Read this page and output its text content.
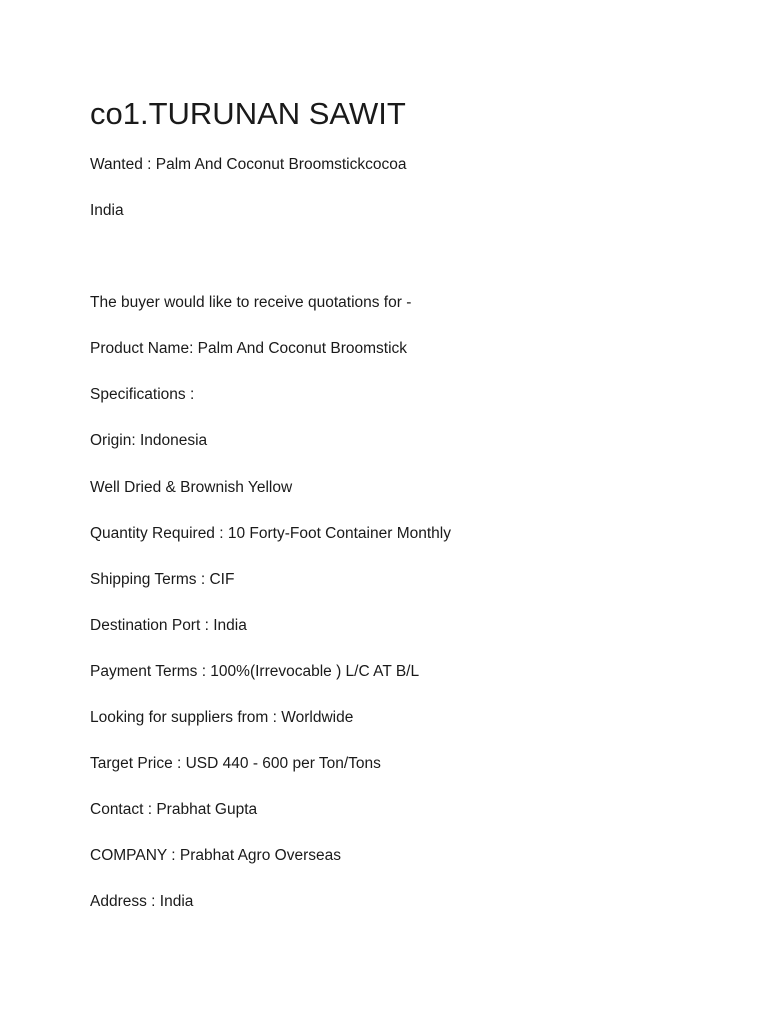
co1.TURUNAN SAWIT

Wanted : Palm And Coconut Broomstickcocoa

India

The buyer would like to receive quotations for -

Product Name: Palm And Coconut Broomstick

Specifications :

Origin: Indonesia

Well Dried & Brownish Yellow

Quantity Required : 10 Forty-Foot Container Monthly

Shipping Terms : CIF

Destination Port : India

Payment Terms : 100%(Irrevocable ) L/C AT B/L

Looking for suppliers from : Worldwide

Target Price : USD 440 - 600 per Ton/Tons

Contact : Prabhat Gupta

COMPANY : Prabhat Agro Overseas

Address : India
